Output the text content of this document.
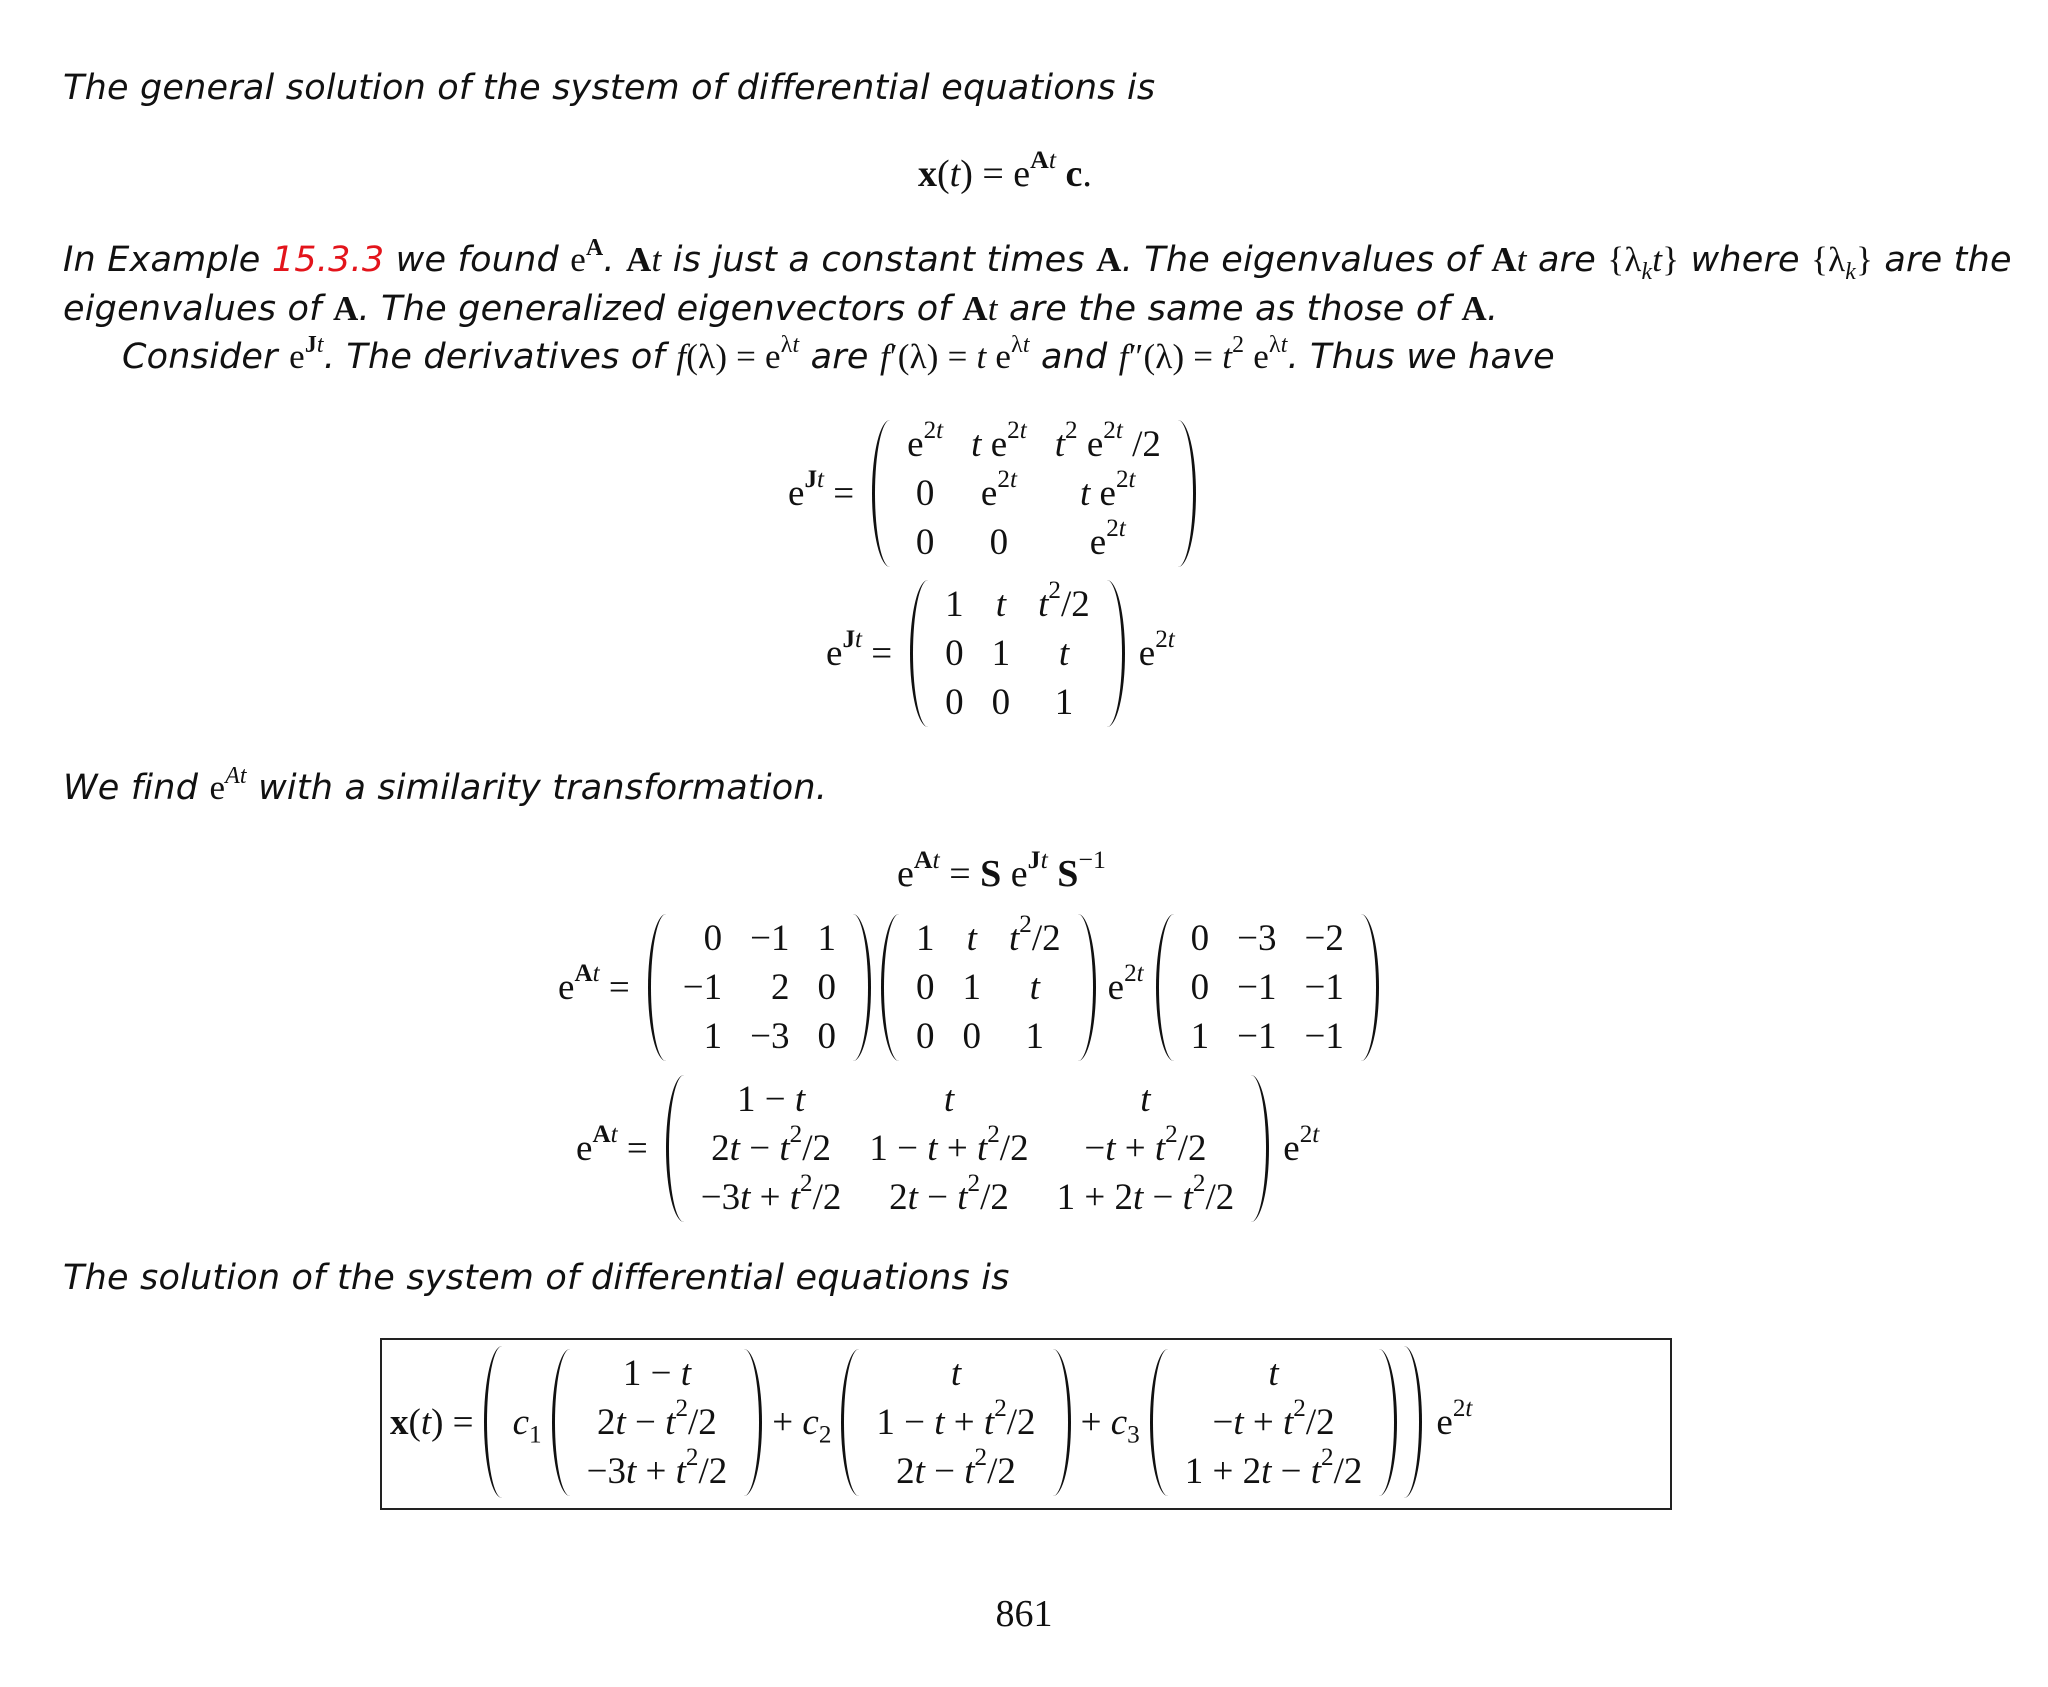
The general solution of the system of differential equations is
$x(t) = e^{At}$ c.
In Example 15.3.3 we found $e^A$. At is just a constant times A. The eigenvalues of At are $\{\lambda_kt\}$ where $\{\lambda_k\}$ are the
eigenvalues of A. The generalized eigenvectors of At are the same as those of A.
Consider $e^{Jt}$. The derivatives of $f(\lambda) = e^{\lambda t}$ are f′(λ) = t $e^{\lambda t}$ and $f''(\lambda) = t^2$ $e^{\lambda t}$. Thus we have
$e^{Jt}$ =
$e^{2t}$	t $e^{2t}$	$t^2$ $e^{2t}$ /2
0	$e^{2t}$	t $e^{2t}$
0	0	$e^{2t}$
$e^{Jt}$ =
1	t	$t^2/2$
0	1	t
0	0	1
$e^{2t}$
We find $e^{At}$ with a similarity transformation.
$e^{At} = S$ $e^{Jt}$ $S^{-1}$
$e^{At}$ =
0	−1	1
−1	2	0
1	−3	0
1	t	$t^2/2$
0	1	t
0	0	1
$e^{2t}$
0	−3	−2
0	−1	−1
1	−1	−1
$e^{At}$ =
1 − t	t	t
$2t - t^2/2$	$1 - t + t^2/2$	$-t + t^2/2$
$-3t + t^2/2$	$2t - t^2/2$	$1 + 2t - t^2/2$
$e^{2t}$
The solution of the system of differential equations is
$x(t) = c_1$
1 − t
$2t - t^2/2$
$-3t + t^2/2$
+ $c_2$
t
$1 - t + t^2/2$
$2t - t^2/2$
+ $c_3$
t
$-t + t^2/2$
$1 + 2t - t^2/2$
$e^{2t}$
861
